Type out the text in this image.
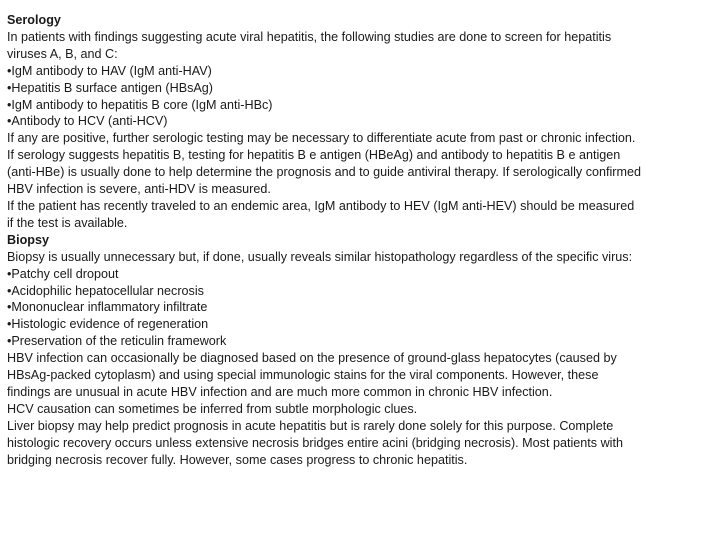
Serology
In patients with findings suggesting acute viral hepatitis, the following studies are done to screen for hepatitis
viruses A, B, and C:
•IgM antibody to HAV (IgM anti-HAV)
•Hepatitis B surface antigen (HBsAg)
•IgM antibody to hepatitis B core (IgM anti-HBc)
•Antibody to HCV (anti-HCV)
If any are positive, further serologic testing may be necessary to differentiate acute from past or chronic infection.
If serology suggests hepatitis B, testing for hepatitis B e antigen (HBeAg) and antibody to hepatitis B e antigen
(anti-HBe) is usually done to help determine the prognosis and to guide antiviral therapy. If serologically confirmed
HBV infection is severe, anti-HDV is measured.
If the patient has recently traveled to an endemic area, IgM antibody to HEV (IgM anti-HEV) should be measured
if the test is available.
Biopsy
Biopsy is usually unnecessary but, if done, usually reveals similar histopathology regardless of the specific virus:
•Patchy cell dropout
•Acidophilic hepatocellular necrosis
•Mononuclear inflammatory infiltrate
•Histologic evidence of regeneration
•Preservation of the reticulin framework
HBV infection can occasionally be diagnosed based on the presence of ground-glass hepatocytes (caused by
HBsAg-packed cytoplasm) and using special immunologic stains for the viral components. However, these
findings are unusual in acute HBV infection and are much more common in chronic HBV infection.
HCV causation can sometimes be inferred from subtle morphologic clues.
Liver biopsy may help predict prognosis in acute hepatitis but is rarely done solely for this purpose. Complete
histologic recovery occurs unless extensive necrosis bridges entire acini (bridging necrosis). Most patients with
bridging necrosis recover fully. However, some cases progress to chronic hepatitis.
